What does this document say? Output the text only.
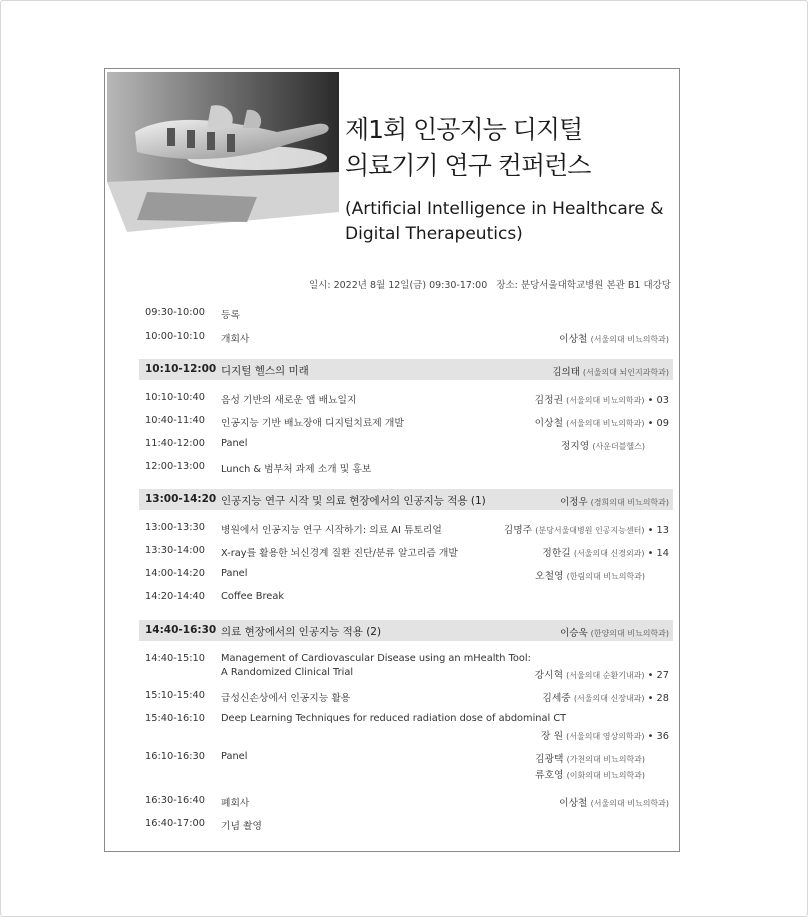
제1회 인공지능 디지털
의료기기 연구 컨퍼런스
(Artificial Intelligence in Healthcare &
Digital Therapeutics)
일시: 2022년 8월 12일(금) 09:30-17:00 장소: 분당서울대학교병원 본관 B1 대강당
09:30-10:00 등록
10:00-10:10 개회사	이상철 (서울의대 비뇨의학과)
10:10-12:00 디지털 헬스의 미래	김의태 (서울의대 뇌인지과학과)
10:10-10:40 음성 기반의 새로운 앱 배뇨일지	김정권 (서울의대 비뇨의학과) • 03
10:40-11:40 인공지능 기반 배뇨장애 디지털치료제 개발	이상철 (서울의대 비뇨의학과) • 09
11:40-12:00 Panel	정지영 (사운더블헬스)
12:00-13:00 Lunch & 범부처 과제 소개 및 홍보
13:00-14:20 인공지능 연구 시작 및 의료 현장에서의 인공지능 적용 (1)	이정우 (경희의대 비뇨의학과)
13:00-13:30 병원에서 인공지능 연구 시작하기: 의료 AI 튜토리얼	김명주 (분당서울대병원 인공지능센터) • 13
13:30-14:00 X-ray를 활용한 뇌신경계 질환 진단/분류 알고리즘 개발	정한길 (서울의대 신경외과) • 14
14:00-14:20 Panel	오철영 (한림의대 비뇨의학과)
14:20-14:40 Coffee Break
14:40-16:30 의료 현장에서의 인공지능 적용 (2)	이승욱 (한양의대 비뇨의학과)
14:40-15:10 Management of Cardiovascular Disease using an mHealth Tool:
A Randomized Clinical Trial	강시혁 (서울의대 순환기내과) • 27
15:10-15:40 급성신손상에서 인공지능 활용	김세중 (서울의대 신장내과) • 28
15:40-16:10 Deep Learning Techniques for reduced radiation dose of abdominal CT
장 원 (서울의대 영상의학과) • 36
16:10-16:30 Panel	김광택 (가천의대 비뇨의학과)
류호영 (이화의대 비뇨의학과)
16:30-16:40 폐회사	이상철 (서울의대 비뇨의학과)
16:40-17:00 기념 촬영
